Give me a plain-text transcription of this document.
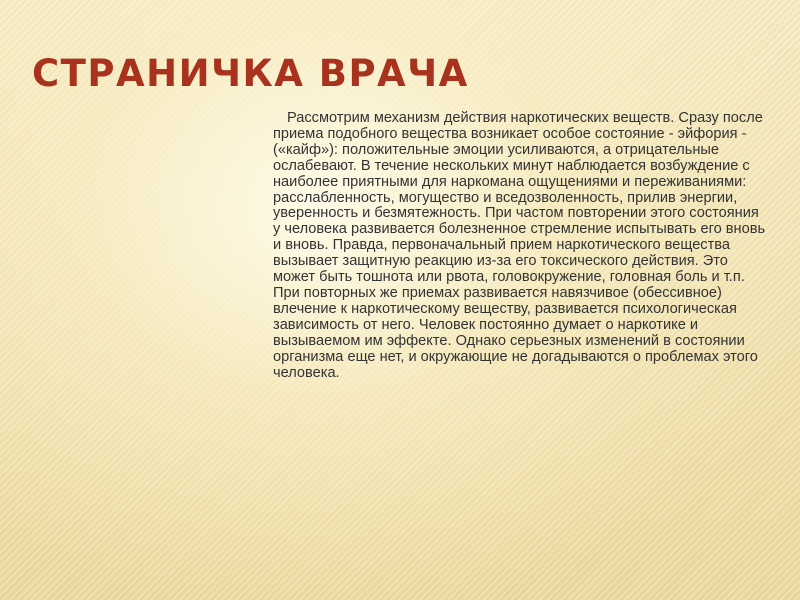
СТРАНИЧКА ВРАЧА

Рассмотрим механизм действия наркотических веществ. Сразу после приема подобного вещества возникает особое состояние - эйфория - («кайф»): положительные эмоции усиливаются, а отрицательные ослабевают. В течение нескольких минут наблюдается возбуждение с наиболее приятными для наркомана ощущениями и переживаниями: расслабленность, могущество и вседозволенность, прилив энергии, уверенность и безмятежность. При частом повторении этого состояния у человека развивается болезненное стремление испытывать его вновь и вновь. Правда, первоначальный прием наркотического вещества вызывает защитную реакцию из-за его токсического действия. Это может быть тошнота или рвота, головокружение, головная боль и т.п. При повторных же приемах развивается навязчивое (обессивное) влечение к наркотическому веществу, развивается психологическая зависимость от него. Человек постоянно думает о наркотике и вызываемом им эффекте. Однако серьезных изменений в состоянии организма еще нет, и окружающие не догадываются о проблемах этого человека.
